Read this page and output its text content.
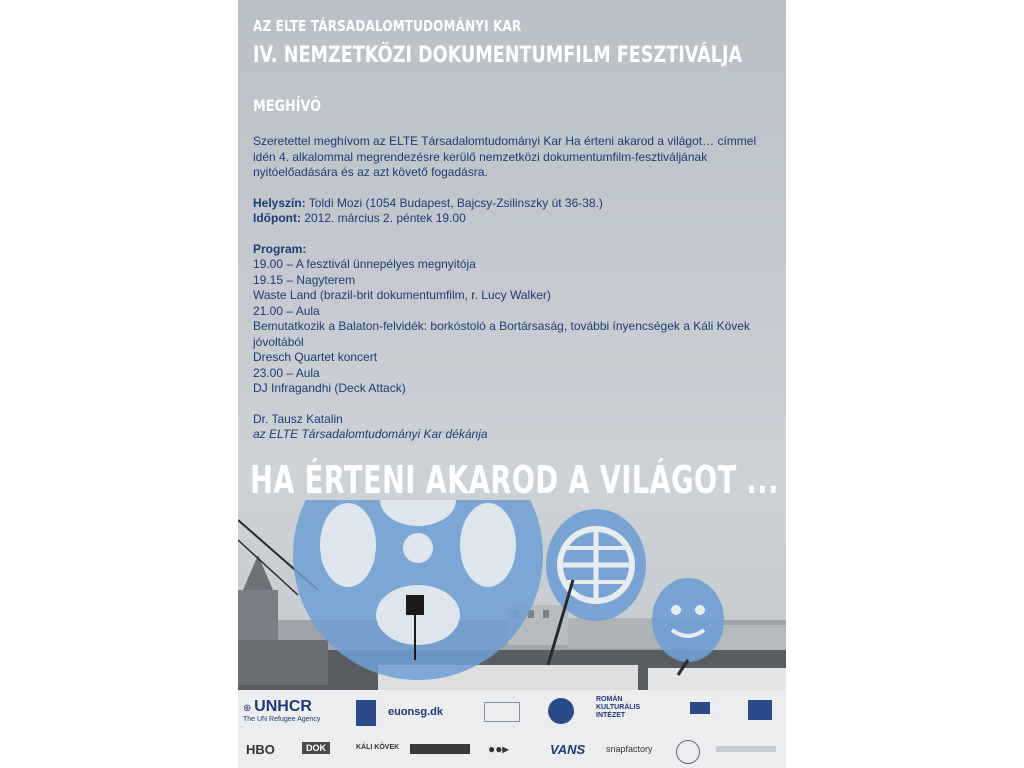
AZ ELTE TÁRSADALOMTUDOMÁNYI KAR
IV. NEMZETKÖZI DOKUMENTUMFILM FESZTIVÁLJA
MEGHÍVÓ

Szeretettel meghívom az ELTE Társadalomtudományi Kar Ha érteni akarod a világot… címmel idén 4. alkalommal megrendezésre kerülő nemzetközi dokumentumfilm-fesztiváljának nyitóelőadására és az azt követő fogadásra.

Helyszín: Toldi Mozi (1054 Budapest, Bajcsy-Zsilinszky út 36-38.)

Időpont: 2012. március 2. péntek 19.00

Program:

19.00 – A fesztivál ünnepélyes megnyitója

19.15 – Nagyterem

Waste Land (brazil-brit dokumentumfilm, r. Lucy Walker)

21.00 – Aula

Bemutatkozik a Balaton-felvidék: borkóstoló a Bortársaság, további ínyencségek a Káli Kövek jóvoltából

Dresch Quartet koncert

23.00 – Aula

DJ Infragandhi (Deck Attack)

Dr. Tausz Katalin

az ELTE Társadalomtudományi Kar dékánja

HA ÉRTENI AKAROD A VILÁGOT ...
⊕ UNHCR
The UN Refugee Agency
euonsg.dk
ROMÁN
KULTURÁLIS
INTÉZET
HBO	DOK	KÁLI KÖVEK	●●▸	VANS snapfactory
